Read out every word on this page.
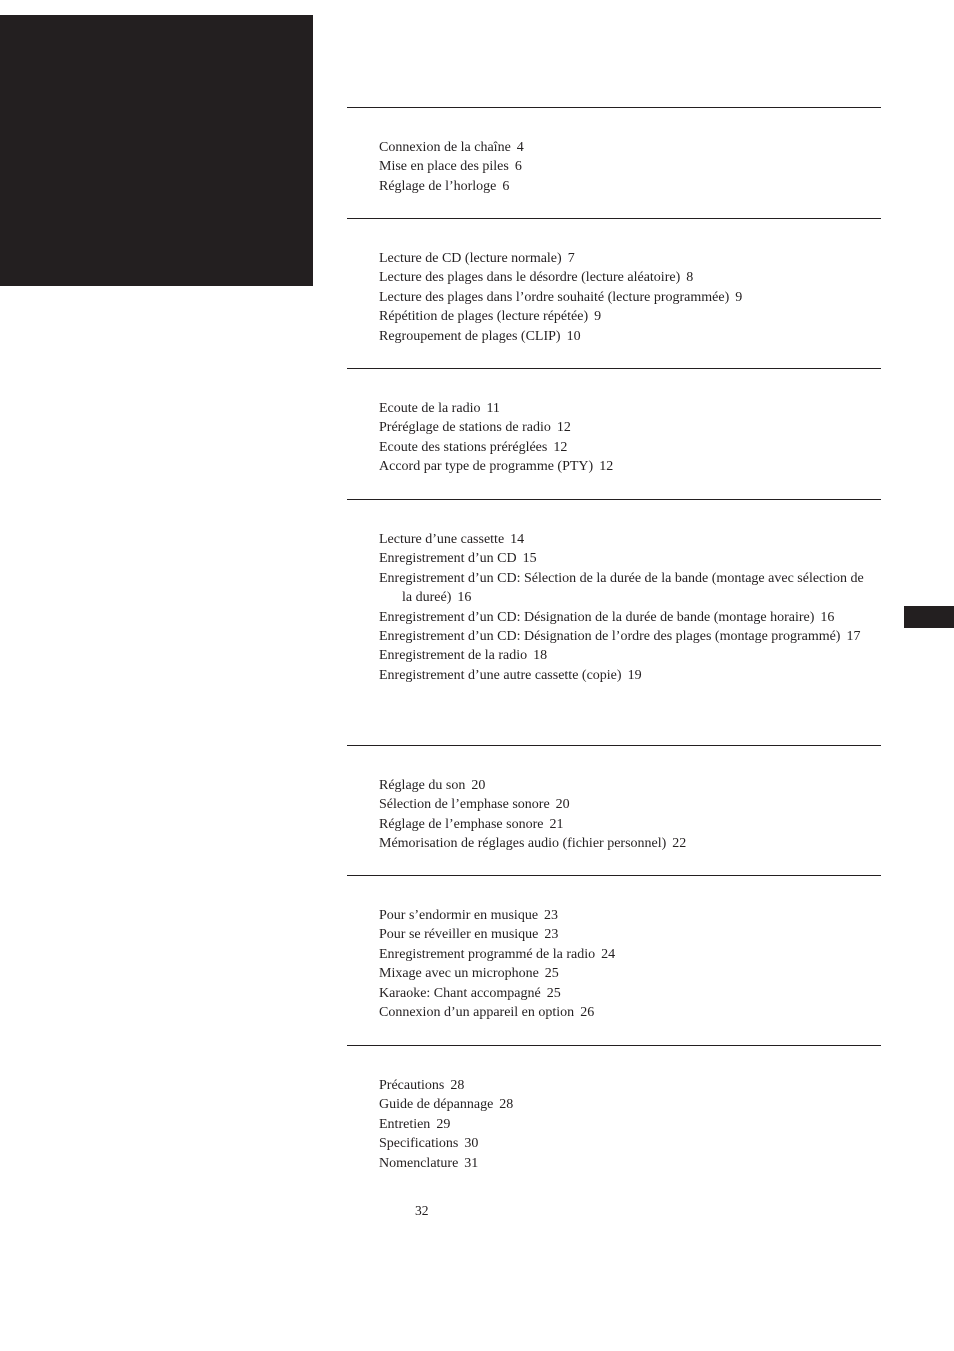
Connexion de la chaîne 4
Mise en place des piles 6
Réglage de l’horloge 6
Lecture de CD (lecture normale) 7
Lecture des plages dans le désordre (lecture aléatoire) 8
Lecture des plages dans l’ordre souhaité (lecture programmée) 9
Répétition de plages (lecture répétée) 9
Regroupement de plages (CLIP) 10
Ecoute de la radio 11
Préréglage de stations de radio 12
Ecoute des stations préréglées 12
Accord par type de programme (PTY) 12
Lecture d’une cassette 14
Enregistrement d’un CD 15
Enregistrement d’un CD: Sélection de la durée de la bande (montage avec sélection de la dureé) 16
Enregistrement d’un CD: Désignation de la durée de bande (montage horaire) 16
Enregistrement d’un CD: Désignation de l’ordre des plages (montage programmé) 17
Enregistrement de la radio 18
Enregistrement d’une autre cassette (copie) 19
Réglage du son 20
Sélection de l’emphase sonore 20
Réglage de l’emphase sonore 21
Mémorisation de réglages audio (fichier personnel) 22
Pour s’endormir en musique 23
Pour se réveiller en musique 23
Enregistrement programmé de la radio 24
Mixage avec un microphone 25
Karaoke: Chant accompagné 25
Connexion d’un appareil en option 26
Précautions 28
Guide de dépannage 28
Entretien 29
Specifications 30
Nomenclature 31
32
